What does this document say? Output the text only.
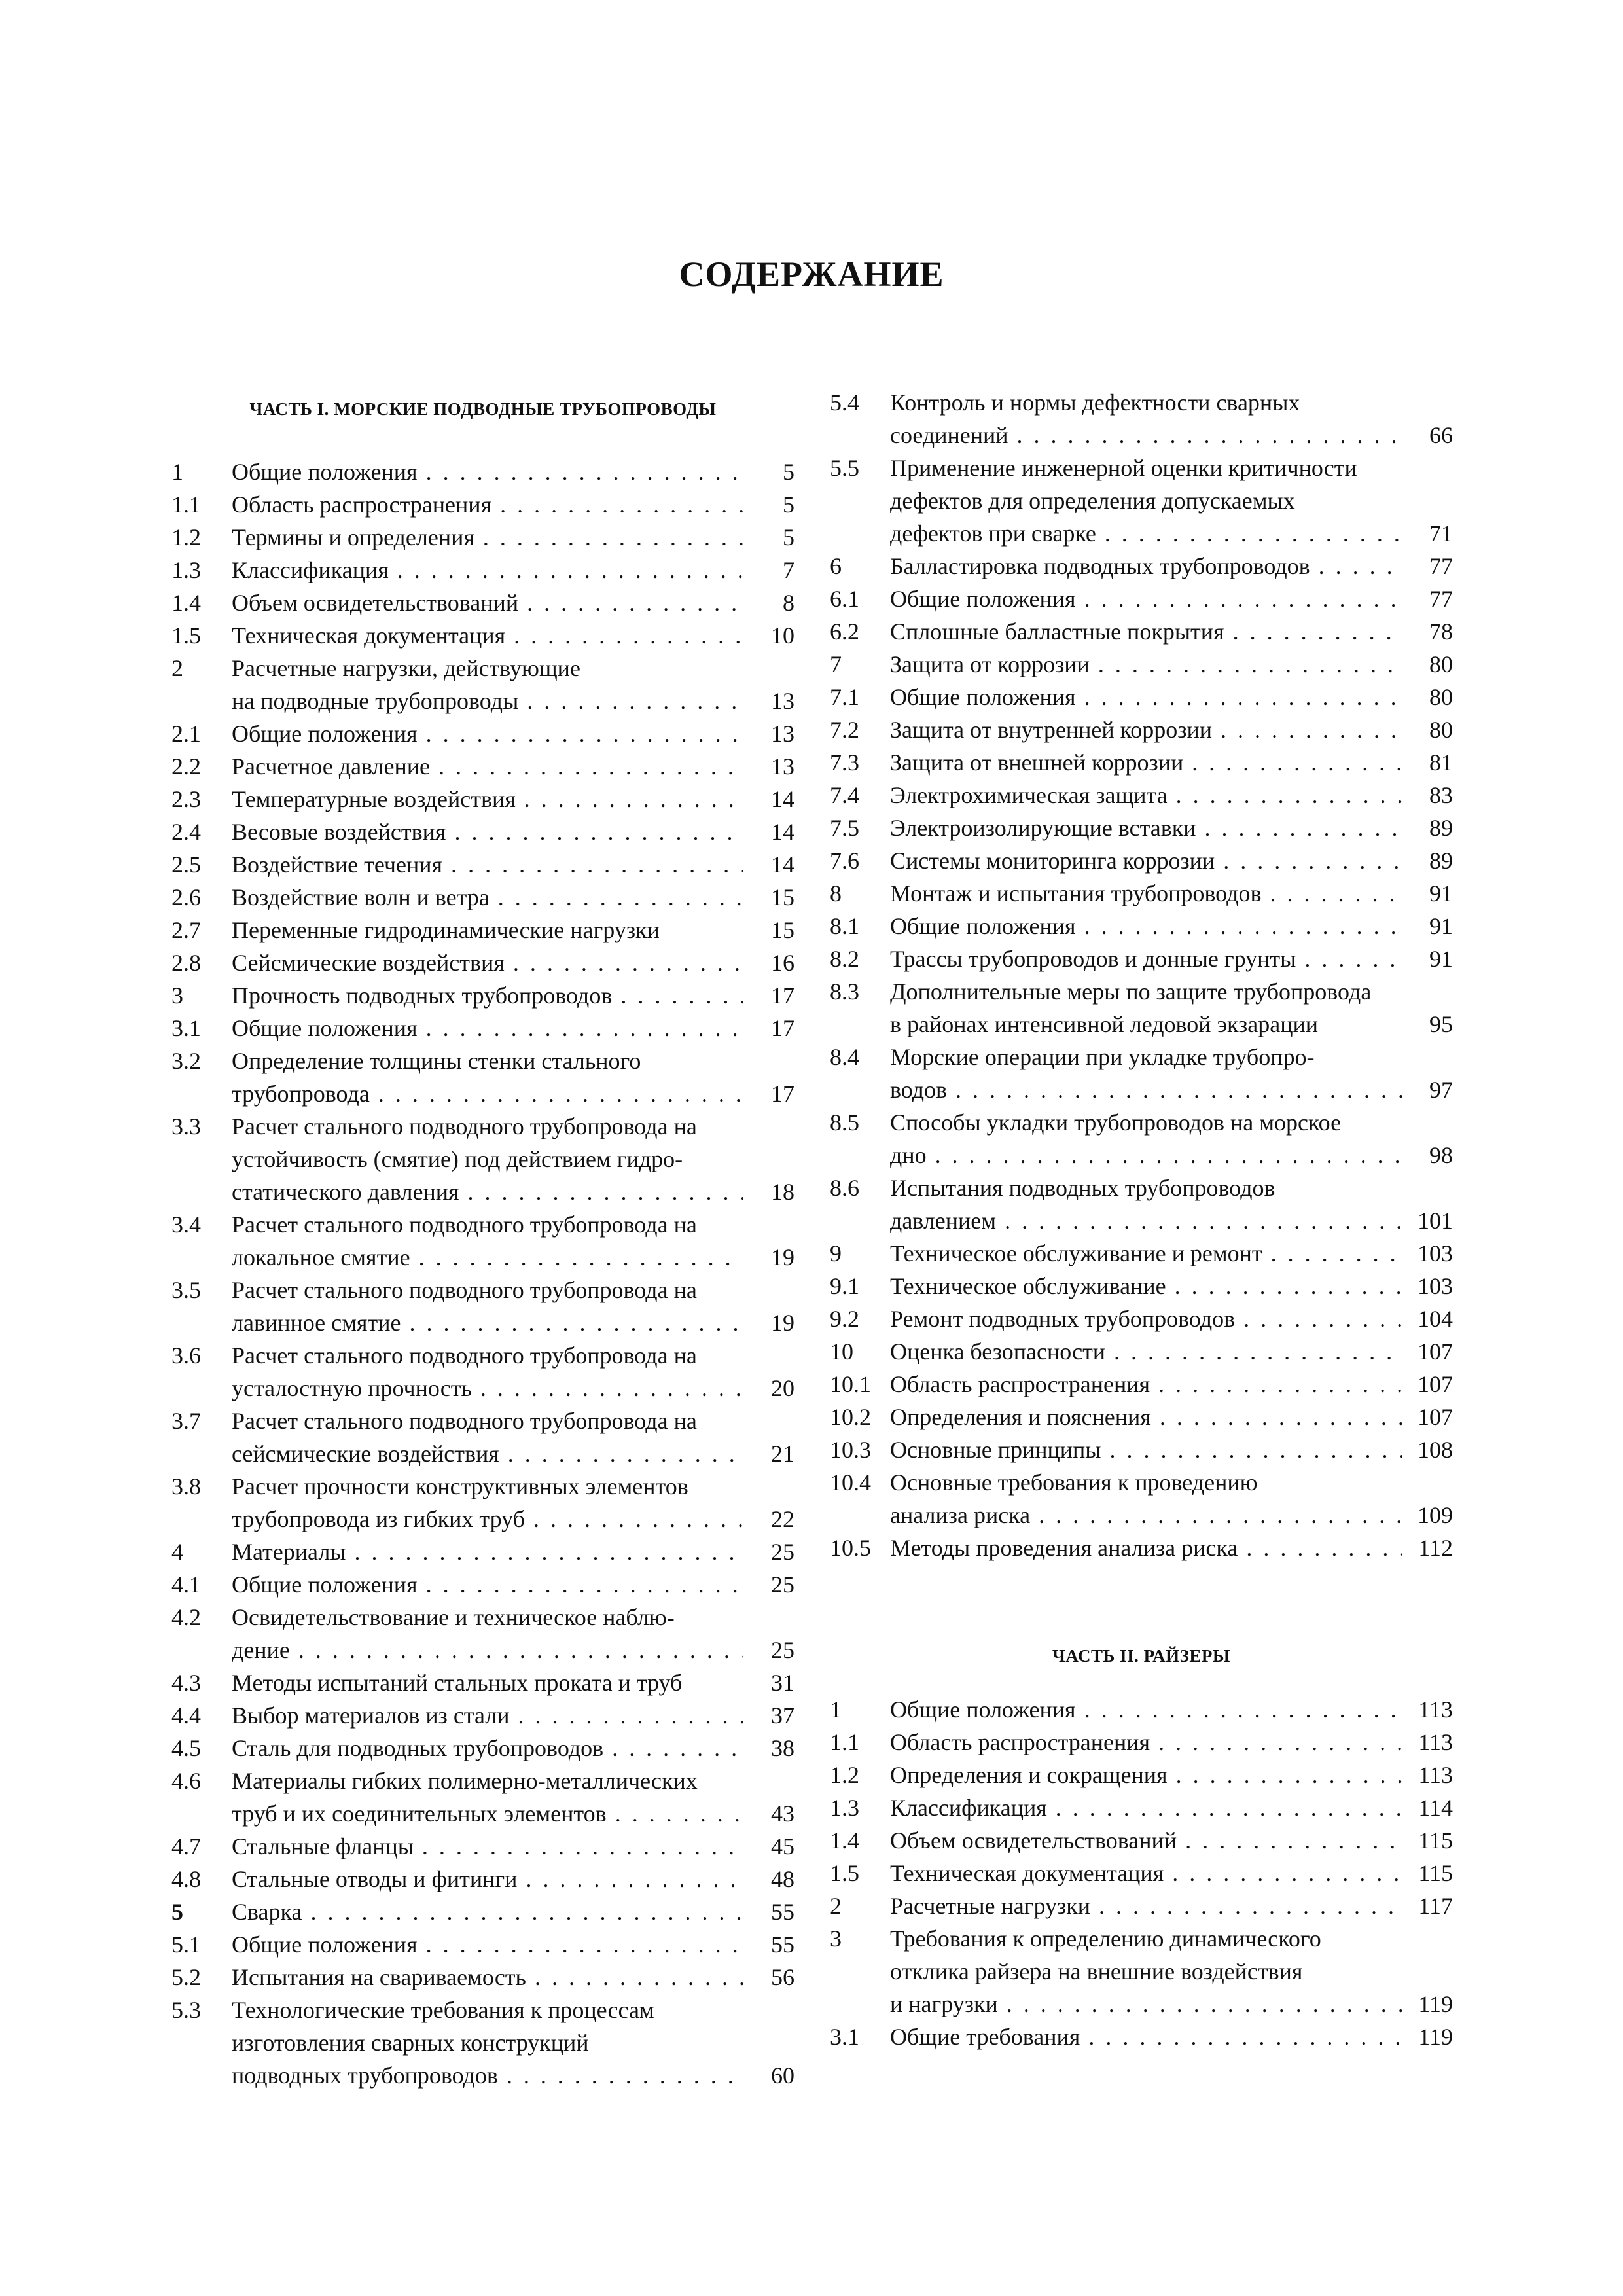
СОДЕРЖАНИЕ
ЧАСТЬ I. МОРСКИЕ ПОДВОДНЫЕ ТРУБОПРОВОДЫ
1	Общие положения . . .	5
1.1	Область распространения . . .	5
1.2	Термины и определения . . .	5
1.3	Классификация . . .	7
1.4	Объем освидетельствований . . .	8
1.5	Техническая документация . . .	10
2	Расчетные нагрузки, действующие
на подводные трубопроводы . . .	13
2.1	Общие положения . . .	13
2.2	Расчетное давление . . .	13
2.3	Температурные воздействия . . .	14
2.4	Весовые воздействия . . .	14
2.5	Воздействие течения . . .	14
2.6	Воздействие волн и ветра . . .	15
2.7	Переменные гидродинамические нагрузки	15
2.8	Сейсмические воздействия . . .	16
3	Прочность подводных трубопроводов . . .	17
3.1	Общие положения . . .	17
3.2	Определение толщины стенки стального
трубопровода . . .	17
3.3	Расчет стального подводного трубопровода на
устойчивость (смятие) под действием гидро-
статического давления . . .	18
3.4	Расчет стального подводного трубопровода на
локальное смятие . . .	19
3.5	Расчет стального подводного трубопровода на
лавинное смятие . . .	19
3.6	Расчет стального подводного трубопровода на
усталостную прочность . . .	20
3.7	Расчет стального подводного трубопровода на
сейсмические воздействия . . .	21
3.8	Расчет прочности конструктивных элементов
трубопровода из гибких труб . . .	22
4	Материалы . . .	25
4.1	Общие положения . . .	25
4.2	Освидетельствование и техническое наблю-
дение . . .	25
4.3	Методы испытаний стальных проката и труб	31
4.4	Выбор материалов из стали . . .	37
4.5	Сталь для подводных трубопроводов . . .	38
4.6	Материалы гибких полимерно-металлических
труб и их соединительных элементов . . .	43
4.7	Стальные фланцы . . .	45
4.8	Стальные отводы и фитинги . . .	48
5	Сварка . . .	55
5.1	Общие положения . . .	55
5.2	Испытания на свариваемость . . .	56
5.3	Технологические требования к процессам
изготовления сварных конструкций
подводных трубопроводов . . .	60
5.4	Контроль и нормы дефектности сварных
соединений . . .	66
5.5	Применение инженерной оценки критичности
дефектов для определения допускаемых
дефектов при сварке . . .	71
6	Балластировка подводных трубопроводов . . .	77
6.1	Общие положения . . .	77
6.2	Сплошные балластные покрытия . . .	78
7	Защита от коррозии . . .	80
7.1	Общие положения . . .	80
7.2	Защита от внутренней коррозии . . .	80
7.3	Защита от внешней коррозии . . .	81
7.4	Электрохимическая защита . . .	83
7.5	Электроизолирующие вставки . . .	89
7.6	Системы мониторинга коррозии . . .	89
8	Монтаж и испытания трубопроводов . . .	91
8.1	Общие положения . . .	91
8.2	Трассы трубопроводов и донные грунты . . .	91
8.3	Дополнительные меры по защите трубопровода
в районах интенсивной ледовой экзарации	95
8.4	Морские операции при укладке трубопро-
водов . . .	97
8.5	Способы укладки трубопроводов на морское
дно . . .	98
8.6	Испытания подводных трубопроводов
давлением . . .	101
9	Техническое обслуживание и ремонт . . .	103
9.1	Техническое обслуживание . . .	103
9.2	Ремонт подводных трубопроводов . . .	104
10	Оценка безопасности . . .	107
10.1 Область распространения . . .	107
10.2 Определения и пояснения . . .	107
10.3 Основные принципы . . .	108
10.4 Основные требования к проведению
анализа риска . . .	109
10.5 Методы проведения анализа риска . . .	112
ЧАСТЬ II. РАЙЗЕРЫ
1	Общие положения . . .	113
1.1	Область распространения . . .	113
1.2	Определения и сокращения . . .	113
1.3	Классификация . . .	114
1.4	Объем освидетельствований . . .	115
1.5	Техническая документация . . .	115
2	Расчетные нагрузки . . .	117
3	Требования к определению динамического
отклика райзера на внешние воздействия
и нагрузки . . .	119
3.1	Общие требования . . .	119
